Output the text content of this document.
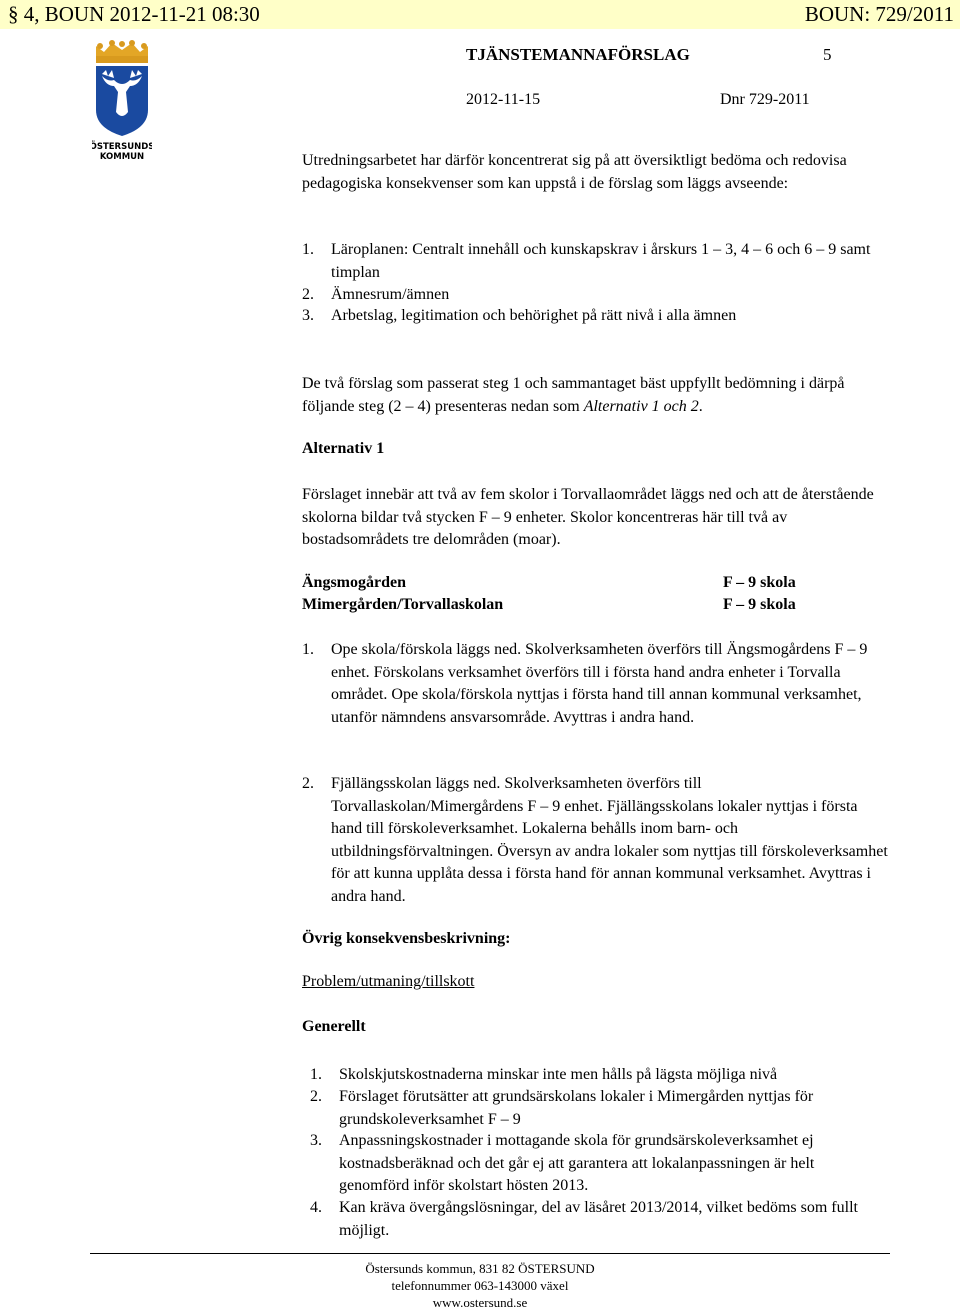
§ 4, BOUN 2012-11-21 08:30	BOUN: 729/2011
ÖSTERSUNDS
KOMMUN
TJÄNSTEMANNAFÖRSLAG	5
2012-11-15	Dnr 729-2011
Utredningsarbetet har därför koncentrerat sig på att översiktligt bedöma och redovisa pedagogiska konsekvenser som kan uppstå i de förslag som läggs avseende:
1. Läroplanen: Centralt innehåll och kunskapskrav i årskurs 1 – 3, 4 – 6 och 6 – 9 samt timplan
2. Ämnesrum/ämnen
3. Arbetslag, legitimation och behörighet på rätt nivå i alla ämnen
De två förslag som passerat steg 1 och sammantaget bäst uppfyllt bedömning i därpå följande steg (2 – 4) presenteras nedan som Alternativ 1 och 2.
Alternativ 1
Förslaget innebär att två av fem skolor i Torvallaområdet läggs ned och att de återstående skolorna bildar två stycken F – 9 enheter. Skolor koncentreras här till två av bostadsområdets tre delområden (moar).
Ängsmogården	F – 9 skola
Mimergården/Torvallaskolan	F – 9 skola
1. Ope skola/förskola läggs ned. Skolverksamheten överförs till Ängsmogårdens F – 9 enhet. Förskolans verksamhet överförs till i första hand andra enheter i Torvalla området. Ope skola/förskola nyttjas i första hand till annan kommunal verksamhet, utanför nämndens ansvarsområde. Avyttras i andra hand.
2. Fjällängsskolan läggs ned. Skolverksamheten överförs till Torvallaskolan/Mimergårdens F – 9 enhet. Fjällängsskolans lokaler nyttjas i första hand till förskoleverksamhet. Lokalerna behålls inom barn- och utbildningsförvaltningen. Översyn av andra lokaler som nyttjas till förskoleverksamhet för att kunna upplåta dessa i första hand för annan kommunal verksamhet. Avyttras i andra hand.
Övrig konsekvensbeskrivning:
Problem/utmaning/tillskott
Generellt
1. Skolskjutskostnaderna minskar inte men hålls på lägsta möjliga nivå
2. Förslaget förutsätter att grundsärskolans lokaler i Mimergården nyttjas för grundskoleverksamhet F – 9
3. Anpassningskostnader i mottagande skola för grundsärskoleverksamhet ej kostnadsberäknad och det går ej att garantera att lokalanpassningen är helt genomförd inför skolstart hösten 2013.
4. Kan kräva övergångslösningar, del av läsåret 2013/2014, vilket bedöms som fullt möjligt.
Östersunds kommun, 831 82 ÖSTERSUND
telefonnummer 063-143000 växel
www.ostersund.se
